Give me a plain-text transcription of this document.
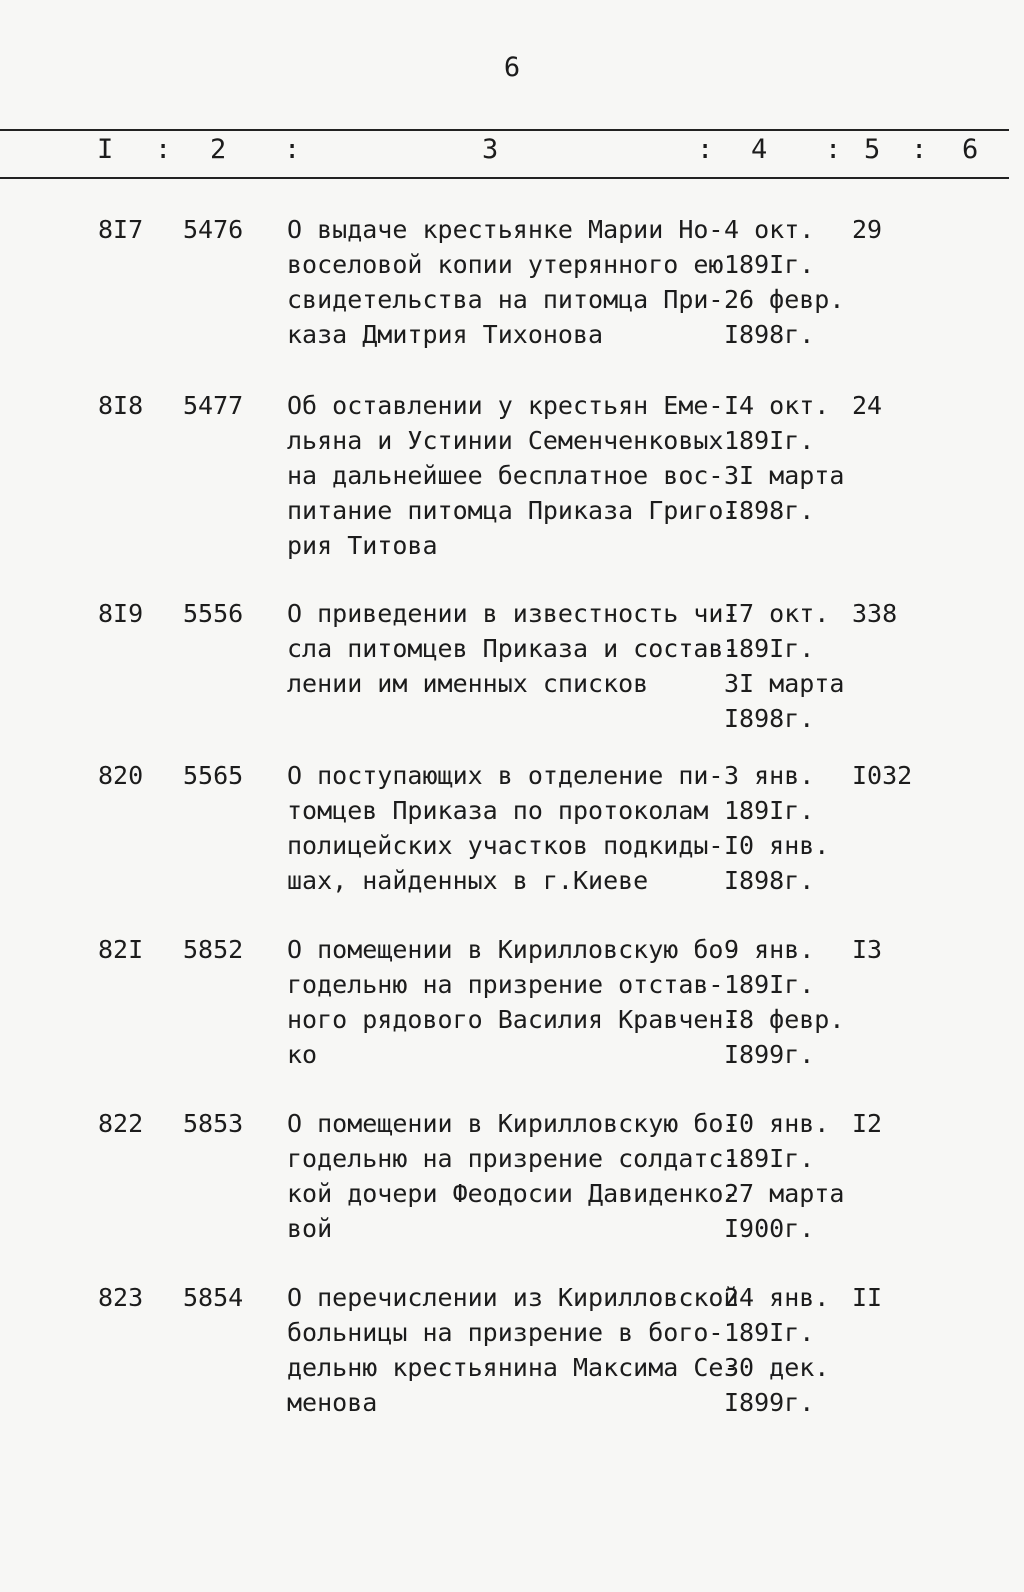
6
I : 2 :	3	: 4 : 5 : 6
8I7 5476 О выдаче крестьянке Марии Но-
воселовой копии утерянного ею
свидетельства на питомца При-
каза Дмитрия Тихонова
4 окт.
189Iг.
26 февр.
I898г.
29
8I8 5477 Об оставлении у крестьян Еме-
льяна и Устинии Семенченковых
на дальнейшее бесплатное вос-
питание питомца Приказа Григо-
рия Титова
I4 окт.
189Iг.
3I марта
I898г.
24
8I9 5556 О приведении в известность чи-
сла питомцев Приказа и состав-
лении им именных списков
I7 окт.
189Iг.
3I марта
I898г.
338
820 5565 О поступающих в отделение пи-
томцев Приказа по протоколам
полицейских участков подкиды-
шах, найденных в г.Киеве
3 янв.
189Iг.
I0 янв.
I898г.
I032
82I 5852 О помещении в Кирилловскую бо-
годельню на призрение отстав-
ного рядового Василия Кравчен-
ко
9 янв.
189Iг.
I8 февр.
I899г.
I3
822 5853 О помещении в Кирилловскую бо-
годельню на призрение солдатс-
кой дочери Феодосии Давиденко-
вой
I0 янв.
189Iг.
27 марта
I900г.
I2
823 5854 О перечислении из Кирилловской
больницы на призрение в бого-
дельню крестьянина Максима Се-
менова
24 янв.
189Iг.
30 дек.
I899г.
II
